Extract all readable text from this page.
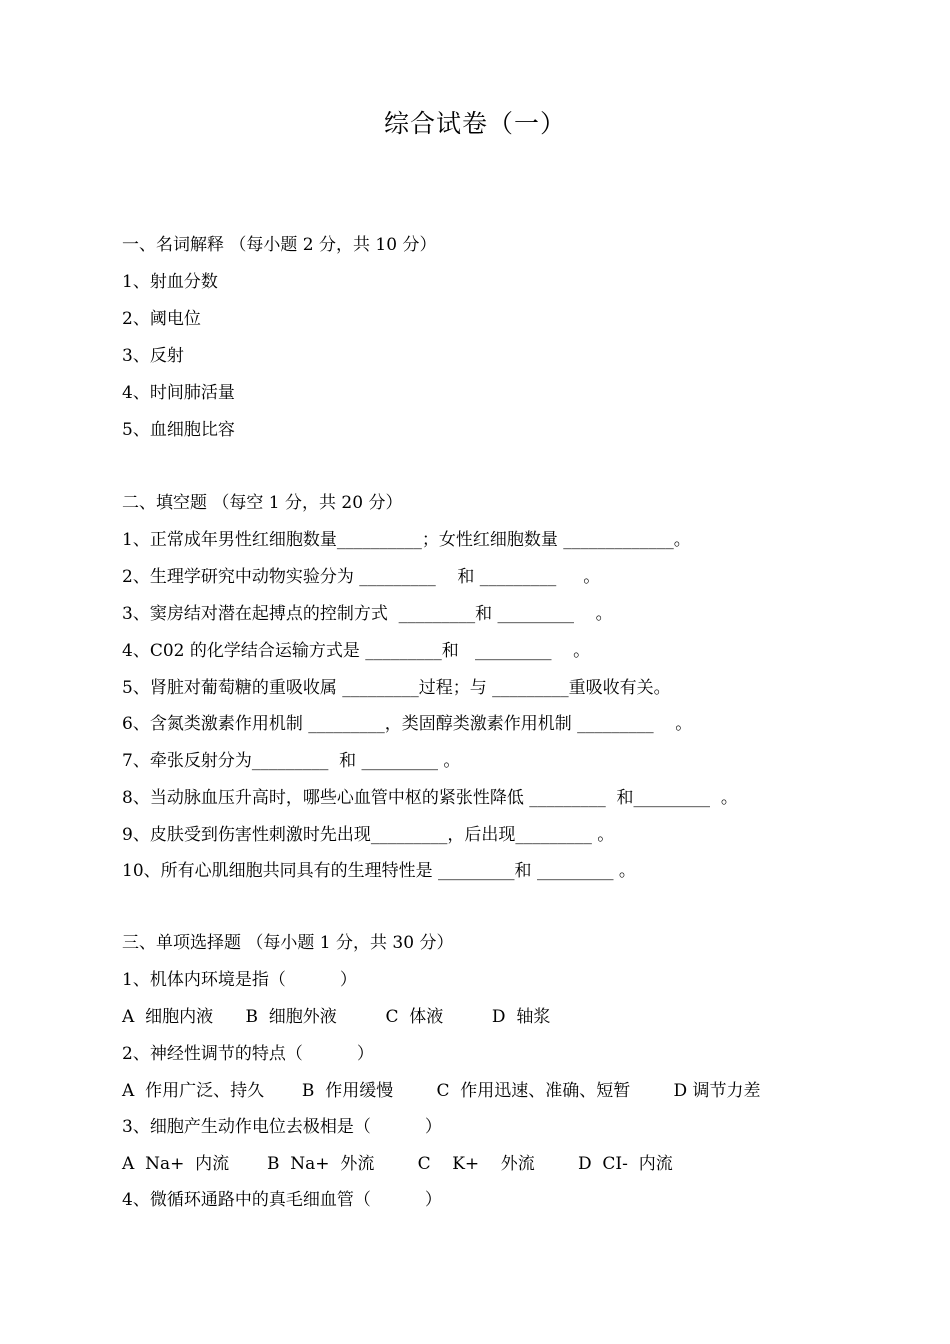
综合试卷（一）
一、名词解释 （每小题 2 分，共 10 分）
1、射血分数
2、阈电位
3、反射
4、时间肺活量
5、血细胞比容
二、填空题 （每空 1 分，共 20 分）
1、正常成年男性红细胞数量__________；女性红细胞数量 _____________。
2、生理学研究中动物实验分为 _________    和 _________     。
3、窦房结对潜在起搏点的控制方式  _________和 _________    。
4、C02 的化学结合运输方式是 _________和   _________    。
5、肾脏对葡萄糖的重吸收属 _________过程；与 _________重吸收有关。
6、含氮类激素作用机制 _________，类固醇类激素作用机制 _________    。
7、牵张反射分为_________  和 _________ 。
8、当动脉血压升高时，哪些心血管中枢的紧张性降低 _________  和_________  。
9、皮肤受到伤害性刺激时先出现_________，后出现_________ 。
10、所有心肌细胞共同具有的生理特性是 _________和 _________ 。
三、单项选择题 （每小题 1 分，共 30 分）
1、机体内环境是指（          ）
A  细胞内液      B  细胞外液         C  体液         D  轴浆
2、神经性调节的特点（          ）
A  作用广泛、持久       B  作用缓慢        C  作用迅速、准确、短暂        D 调节力差
3、细胞产生动作电位去极相是（          ）
A  Na+  内流       B  Na+  外流        C    K+    外流        D  CI-  内流
4、微循环通路中的真毛细血管（          ）
